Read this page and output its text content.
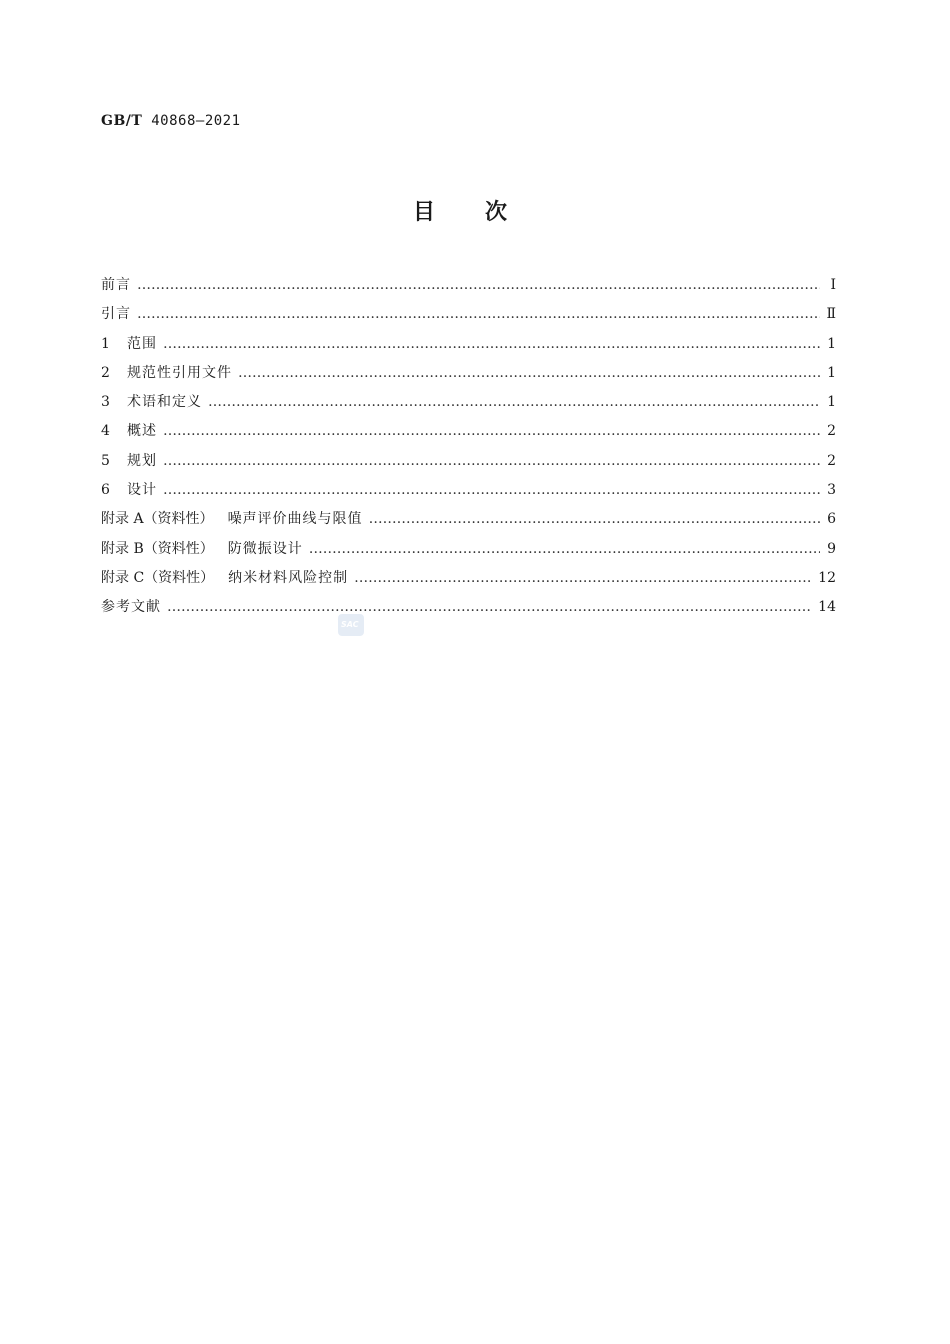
GB/T 40868—2021
目次
前言 ……………………………………………………………………………………………………………………………………………………………………………………………………………………	Ⅰ
引言 ……………………………………………………………………………………………………………………………………………………………………………………………………………………	Ⅱ
1 范围 ……………………………………………………………………………………………………………………………………………………………………………………………………………………	1
2 规范性引用文件 ……………………………………………………………………………………………………………………………………………………………………………………………………………………	1
3 术语和定义 ……………………………………………………………………………………………………………………………………………………………………………………………………………………	1
4 概述 ……………………………………………………………………………………………………………………………………………………………………………………………………………………	2
5 规划 ……………………………………………………………………………………………………………………………………………………………………………………………………………………	2
6 设计 ……………………………………………………………………………………………………………………………………………………………………………………………………………………	3
附录 A（资料性） 噪声评价曲线与限值 ……………………………………………………………………………………………………………………………………………………………………………………………………………………	6
附录 B（资料性） 防微振设计 ……………………………………………………………………………………………………………………………………………………………………………………………………………………	9
附录 C（资料性） 纳米材料风险控制 ……………………………………………………………………………………………………………………………………………………………………………………………………………………	12
参考文献 ……………………………………………………………………………………………………………………………………………………………………………………………………………………	14
SAC
